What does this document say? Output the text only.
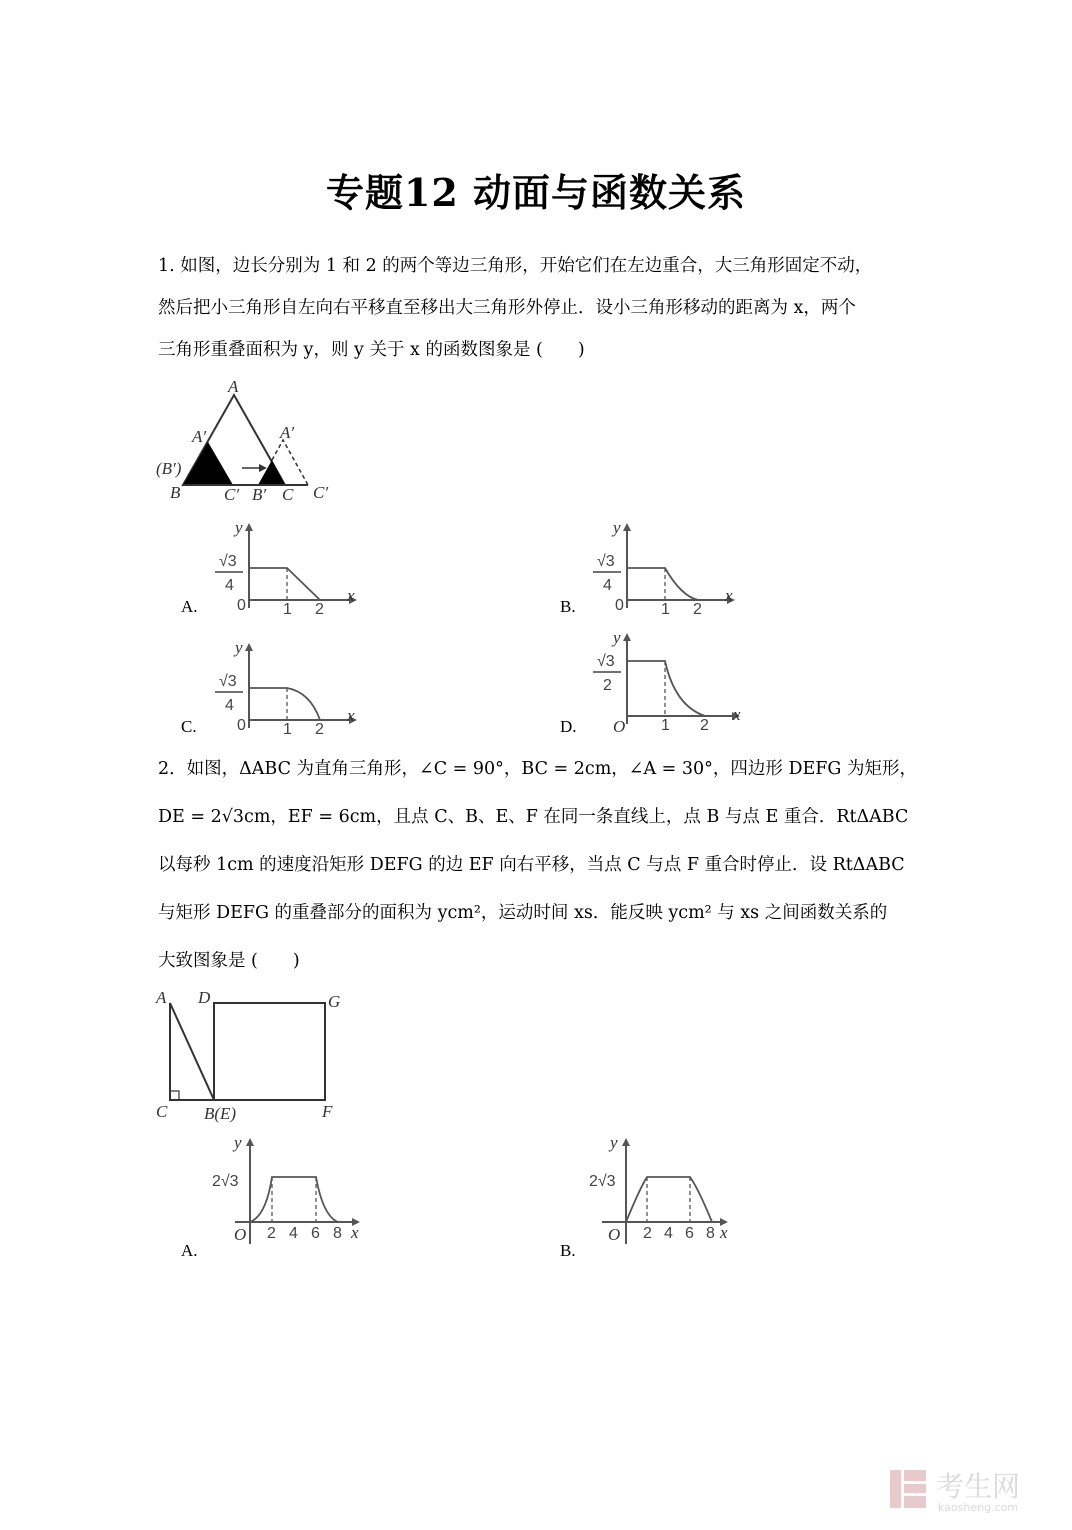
专题12 动面与函数关系
1. 如图，边长分别为 1 和 2 的两个等边三角形，开始它们在左边重合，大三角形固定不动，
然后把小三角形自左向右平移直至移出大三角形外停止．设小三角形移动的距离为 x，两个
三角形重叠面积为 y，则 y 关于 x 的函数图象是 (　　)
A
A′	A′
(B′)
B	C′ B′ C C′
A.
√3
4
0 1 2
x
y
B.
√3
4
0 1 2
x
y
C.
√3
4
0 1 2
x
y
D.
√3
2
O 1 2
x
y
2．如图，ΔABC 为直角三角形，∠C = 90°，BC = 2cm，∠A = 30°，四边形 DEFG 为矩形，
DE = 2√3cm，EF = 6cm，且点 C、B、E、F 在同一条直线上，点 B 与点 E 重合．RtΔABC
以每秒 1cm 的速度沿矩形 DEFG 的边 EF 向右平移，当点 C 与点 F 重合时停止．设 RtΔABC
与矩形 DEFG 的重叠部分的面积为 ycm²，运动时间 xs．能反映 ycm² 与 xs 之间函数关系的
大致图象是 (　　)
A D	G
C B(E)	F
A.
2√3
O 2 4 6 8 x
y
B.
2√3
O 2 4 6 8 x
y
考生网
kaosheng.com
